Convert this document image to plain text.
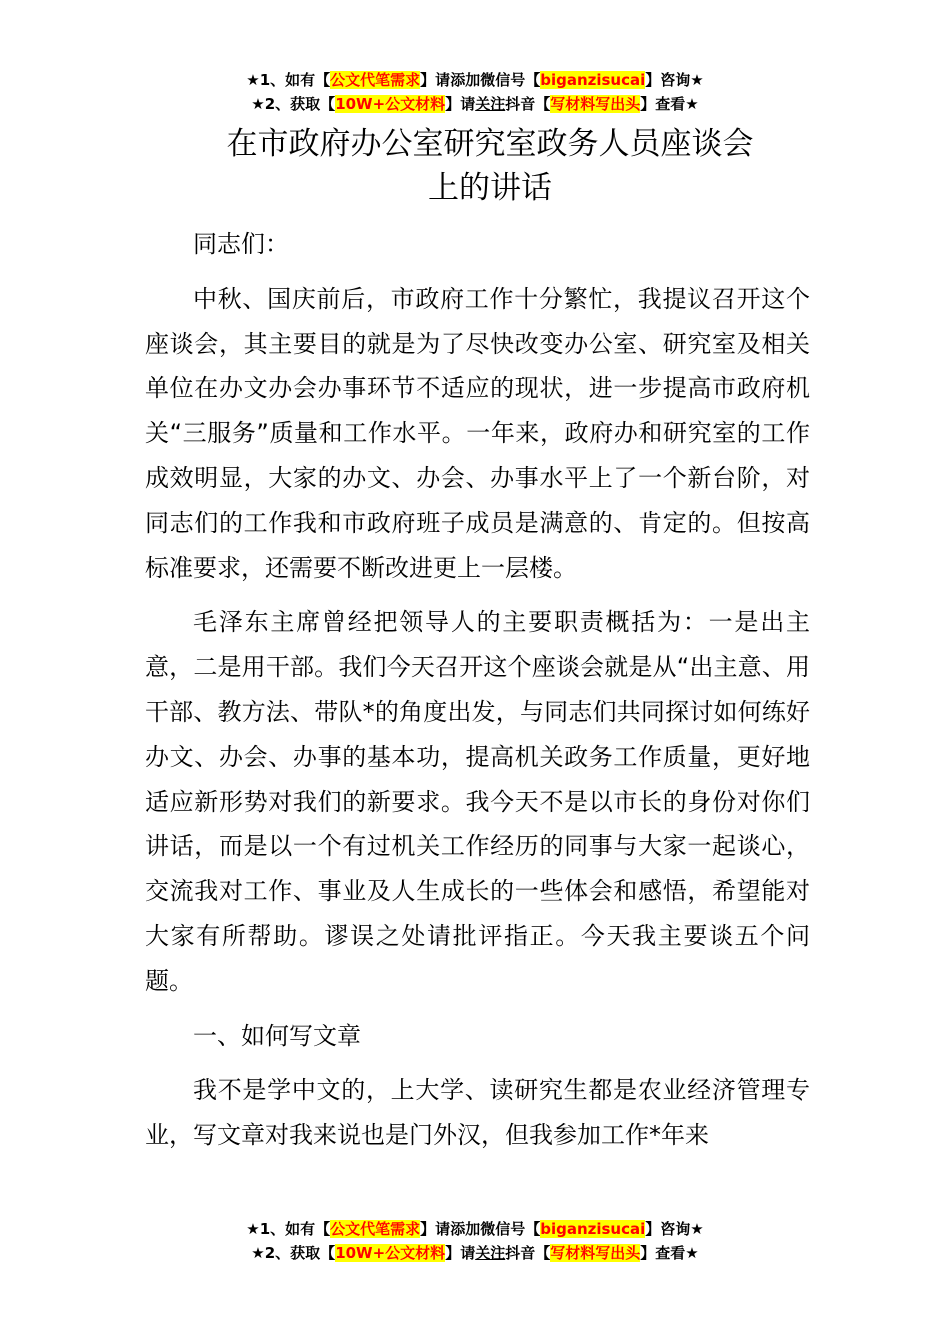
★1、如有【公文代笔需求】请添加微信号【biganzisucai】咨询★
★2、获取【10W+公文材料】请关注抖音【写材料写出头】查看★
在市政府办公室研究室政务人员座谈会
上的讲话

同志们：

中秋、国庆前后，市政府工作十分繁忙，我提议召开这个座谈会，其主要目的就是为了尽快改变办公室、研究室及相关单位在办文办会办事环节不适应的现状，进一步提高市政府机关“三服务”质量和工作水平。一年来，政府办和研究室的工作成效明显，大家的办文、办会、办事水平上了一个新台阶，对同志们的工作我和市政府班子成员是满意的、肯定的。但按高标准要求，还需要不断改进更上一层楼。

毛泽东主席曾经把领导人的主要职责概括为：一是出主意，二是用干部。我们今天召开这个座谈会就是从“出主意、用干部、教方法、带队*的角度出发，与同志们共同探讨如何练好办文、办会、办事的基本功，提高机关政务工作质量，更好地适应新形势对我们的新要求。我今天不是以市长的身份对你们讲话，而是以一个有过机关工作经历的同事与大家一起谈心，交流我对工作、事业及人生成长的一些体会和感悟，希望能对大家有所帮助。谬误之处请批评指正。今天我主要谈五个问题。

一、如何写文章

我不是学中文的，上大学、读研究生都是农业经济管理专业，写文章对我来说也是门外汉，但我参加工作*年来

★1、如有【公文代笔需求】请添加微信号【biganzisucai】咨询★
★2、获取【10W+公文材料】请关注抖音【写材料写出头】查看★
